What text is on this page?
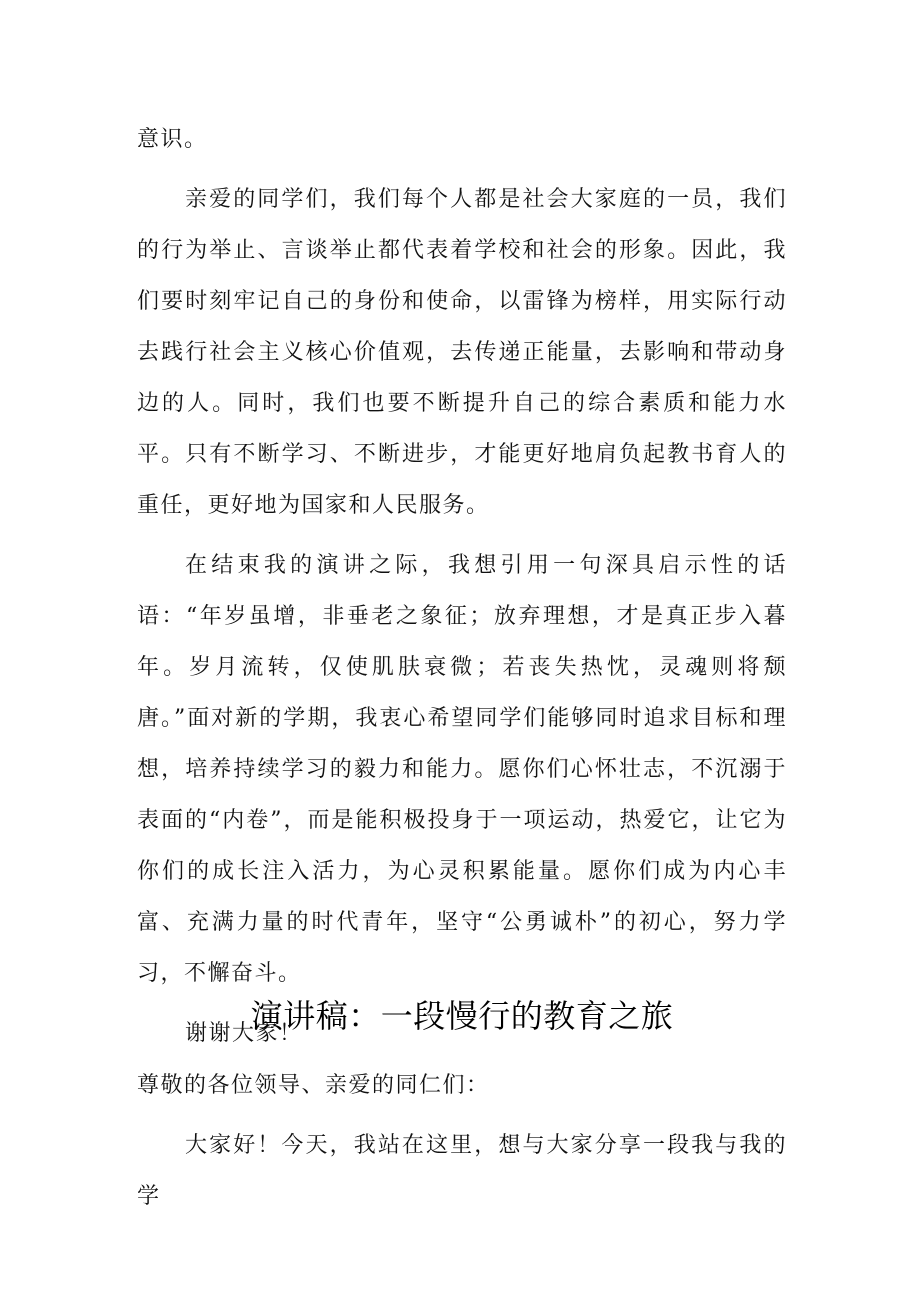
意识。

亲爱的同学们，我们每个人都是社会大家庭的一员，我们的行为举止、言谈举止都代表着学校和社会的形象。因此，我们要时刻牢记自己的身份和使命，以雷锋为榜样，用实际行动去践行社会主义核心价值观，去传递正能量，去影响和带动身边的人。同时，我们也要不断提升自己的综合素质和能力水平。只有不断学习、不断进步，才能更好地肩负起教书育人的重任，更好地为国家和人民服务。

在结束我的演讲之际，我想引用一句深具启示性的话语：“年岁虽增，非垂老之象征；放弃理想，才是真正步入暮年。岁月流转，仅使肌肤衰微；若丧失热忱，灵魂则将颓唐。”面对新的学期，我衷心希望同学们能够同时追求目标和理想，培养持续学习的毅力和能力。愿你们心怀壮志，不沉溺于表面的“内卷”，而是能积极投身于一项运动，热爱它，让它为你们的成长注入活力，为心灵积累能量。愿你们成为内心丰富、充满力量的时代青年，坚守“公勇诚朴”的初心，努力学习，不懈奋斗。

谢谢大家！

演讲稿：一段慢行的教育之旅

尊敬的各位领导、亲爱的同仁们：

大家好！今天，我站在这里，想与大家分享一段我与我的学
